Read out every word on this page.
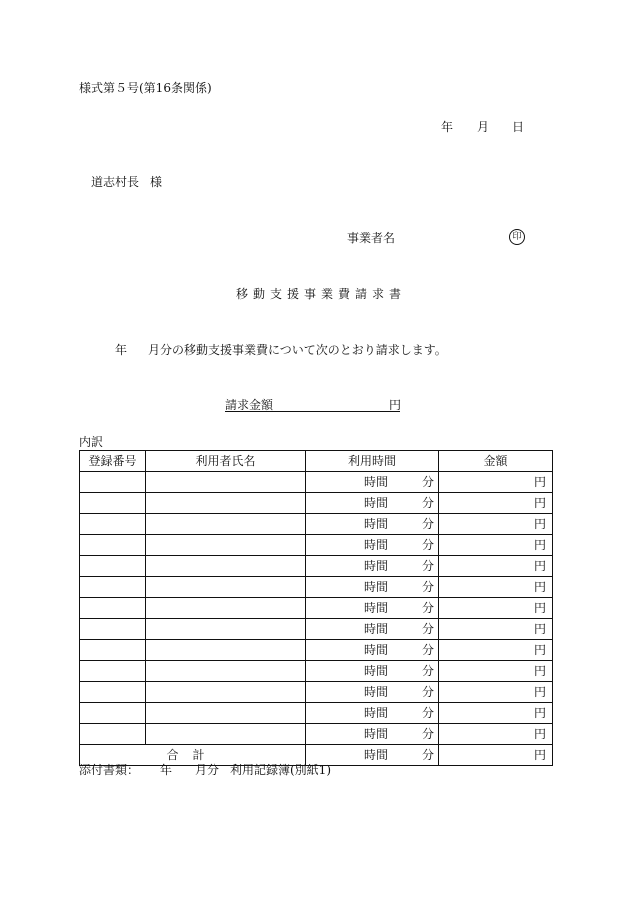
様式第５号(第16条関係)
年 月 日
道志村長 様
事業者名	印
移動支援事業費請求書
年 月分の移動支援事業費について次のとおり請求します。
請求金額	円
内訳
登録番号	利用者氏名	利用時間	金額

		時間 分	円

		時間 分	円

		時間 分	円

		時間 分	円

		時間 分	円

		時間 分	円

		時間 分	円

		時間 分	円

		時間 分	円

		時間 分	円

		時間 分	円

		時間 分	円

		時間 分	円
合計		時間 分	円
添付書類： 年 月分 利用記録簿(別紙1)
